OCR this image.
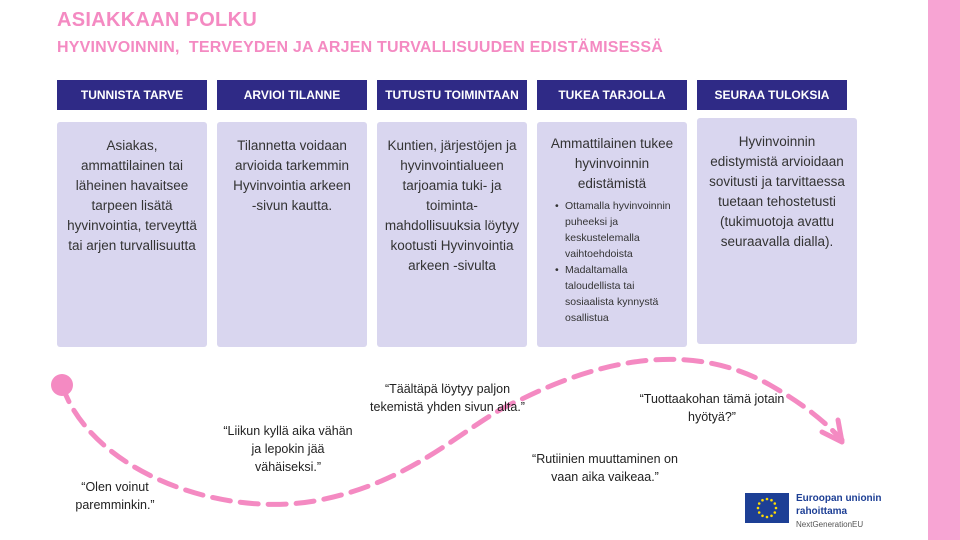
ASIAKKAAN POLKU
HYVINVOINNIN,  TERVEYDEN JA ARJEN TURVALLISUUDEN EDISTÄMISESSÄ
TUNNISTA TARVE	ARVIOI TILANNE	TUTUSTU TOIMINTAAN	TUKEA TARJOLLA	SEURAA TULOKSIA
Asiakas, ammattilainen tai läheinen havaitsee tarpeen lisätä hyvinvointia, terveyttä tai arjen turvallisuutta
Tilannetta voidaan arvioida tarkemmin Hyvinvointia arkeen -sivun kautta.
Kuntien, järjestöjen ja hyvinvointialueen tarjoamia tuki- ja toiminta-mahdollisuuksia löytyy kootusti Hyvinvointia arkeen -sivulta
Ammattilainen tukee hyvinvoinnin edistämistä
• Ottamalla hyvinvoinnin puheeksi ja keskustelemalla vaihtoehdoista
• Madaltamalla taloudellista tai sosiaalista kynnystä osallistua
Hyvinvoinnin edistymistä arvioidaan sovitusti ja tarvittaessa tuetaan tehostetusti (tukimuotoja avattu seuraavalla dialla).
“Olen voinut paremminkin.”
“Liikun kyllä aika vähän ja lepokin jää vähäiseksi.”
“Täältäpä löytyy paljon tekemistä yhden sivun alta.”
“Rutiinien muuttaminen on vaan aika vaikeaa.”
“Tuottaakohan tämä jotain hyötyä?”
Euroopan unionin
rahoittama
NextGenerationEU
